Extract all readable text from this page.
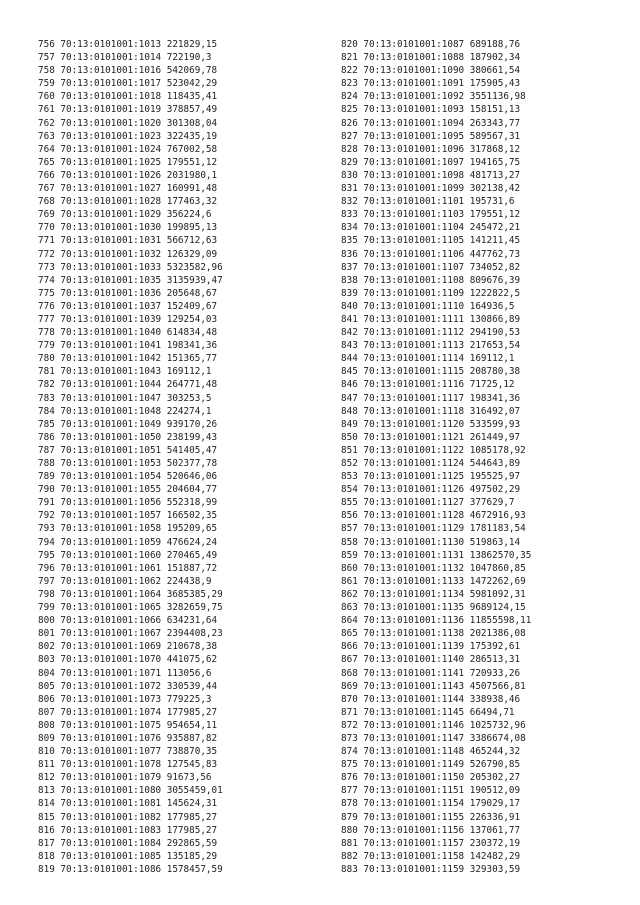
756 70:13:0101001:1013 221829,15
757 70:13:0101001:1014 722190,3
758 70:13:0101001:1016 542069,78
759 70:13:0101001:1017 523042,29
760 70:13:0101001:1018 118435,41
761 70:13:0101001:1019 378857,49
762 70:13:0101001:1020 301308,04
763 70:13:0101001:1023 322435,19
764 70:13:0101001:1024 767002,58
765 70:13:0101001:1025 179551,12
766 70:13:0101001:1026 2031980,1
767 70:13:0101001:1027 160991,48
768 70:13:0101001:1028 177463,32
769 70:13:0101001:1029 356224,6
770 70:13:0101001:1030 199895,13
771 70:13:0101001:1031 566712,63
772 70:13:0101001:1032 126329,09
773 70:13:0101001:1033 5323582,96
774 70:13:0101001:1035 3135939,47
775 70:13:0101001:1036 205648,67
776 70:13:0101001:1037 152409,67
777 70:13:0101001:1039 129254,03
778 70:13:0101001:1040 614834,48
779 70:13:0101001:1041 198341,36
780 70:13:0101001:1042 151365,77
781 70:13:0101001:1043 169112,1
782 70:13:0101001:1044 264771,48
783 70:13:0101001:1047 303253,5
784 70:13:0101001:1048 224274,1
785 70:13:0101001:1049 939170,26
786 70:13:0101001:1050 238199,43
787 70:13:0101001:1051 541405,47
788 70:13:0101001:1053 502377,78
789 70:13:0101001:1054 520646,06
790 70:13:0101001:1055 204604,77
791 70:13:0101001:1056 552318,99
792 70:13:0101001:1057 166502,35
793 70:13:0101001:1058 195209,65
794 70:13:0101001:1059 476624,24
795 70:13:0101001:1060 270465,49
796 70:13:0101001:1061 151887,72
797 70:13:0101001:1062 224438,9
798 70:13:0101001:1064 3685385,29
799 70:13:0101001:1065 3282659,75
800 70:13:0101001:1066 634231,64
801 70:13:0101001:1067 2394408,23
802 70:13:0101001:1069 210678,38
803 70:13:0101001:1070 441075,62
804 70:13:0101001:1071 113056,6
805 70:13:0101001:1072 330539,44
806 70:13:0101001:1073 779225,3
807 70:13:0101001:1074 177985,27
808 70:13:0101001:1075 954654,11
809 70:13:0101001:1076 935887,82
810 70:13:0101001:1077 738870,35
811 70:13:0101001:1078 127545,83
812 70:13:0101001:1079 91673,56
813 70:13:0101001:1080 3055459,01
814 70:13:0101001:1081 145624,31
815 70:13:0101001:1082 177985,27
816 70:13:0101001:1083 177985,27
817 70:13:0101001:1084 292865,59
818 70:13:0101001:1085 135185,29
819 70:13:0101001:1086 1578457,59
820 70:13:0101001:1087 689188,76
821 70:13:0101001:1088 187902,34
822 70:13:0101001:1090 380661,54
823 70:13:0101001:1091 175905,43
824 70:13:0101001:1092 3551136,98
825 70:13:0101001:1093 158151,13
826 70:13:0101001:1094 263343,77
827 70:13:0101001:1095 589567,31
828 70:13:0101001:1096 317868,12
829 70:13:0101001:1097 194165,75
830 70:13:0101001:1098 481713,27
831 70:13:0101001:1099 302138,42
832 70:13:0101001:1101 195731,6
833 70:13:0101001:1103 179551,12
834 70:13:0101001:1104 245472,21
835 70:13:0101001:1105 141211,45
836 70:13:0101001:1106 447762,73
837 70:13:0101001:1107 734052,82
838 70:13:0101001:1108 809676,39
839 70:13:0101001:1109 1222822,5
840 70:13:0101001:1110 164936,5
841 70:13:0101001:1111 130866,89
842 70:13:0101001:1112 294190,53
843 70:13:0101001:1113 217653,54
844 70:13:0101001:1114 169112,1
845 70:13:0101001:1115 208780,38
846 70:13:0101001:1116 71725,12
847 70:13:0101001:1117 198341,36
848 70:13:0101001:1118 316492,07
849 70:13:0101001:1120 533599,93
850 70:13:0101001:1121 261449,97
851 70:13:0101001:1122 1085178,92
852 70:13:0101001:1124 544643,89
853 70:13:0101001:1125 195525,97
854 70:13:0101001:1126 497502,29
855 70:13:0101001:1127 377629,7
856 70:13:0101001:1128 4672916,93
857 70:13:0101001:1129 1781183,54
858 70:13:0101001:1130 519863,14
859 70:13:0101001:1131 13862570,35
860 70:13:0101001:1132 1047860,85
861 70:13:0101001:1133 1472262,69
862 70:13:0101001:1134 5981092,31
863 70:13:0101001:1135 9689124,15
864 70:13:0101001:1136 11855598,11
865 70:13:0101001:1138 2021386,08
866 70:13:0101001:1139 175392,61
867 70:13:0101001:1140 286513,31
868 70:13:0101001:1141 720933,26
869 70:13:0101001:1143 4507566,81
870 70:13:0101001:1144 338938,46
871 70:13:0101001:1145 66494,71
872 70:13:0101001:1146 1025732,96
873 70:13:0101001:1147 3386674,08
874 70:13:0101001:1148 465244,32
875 70:13:0101001:1149 526790,85
876 70:13:0101001:1150 205302,27
877 70:13:0101001:1151 190512,09
878 70:13:0101001:1154 179029,17
879 70:13:0101001:1155 226336,91
880 70:13:0101001:1156 137061,77
881 70:13:0101001:1157 230372,19
882 70:13:0101001:1158 142482,29
883 70:13:0101001:1159 329303,59
